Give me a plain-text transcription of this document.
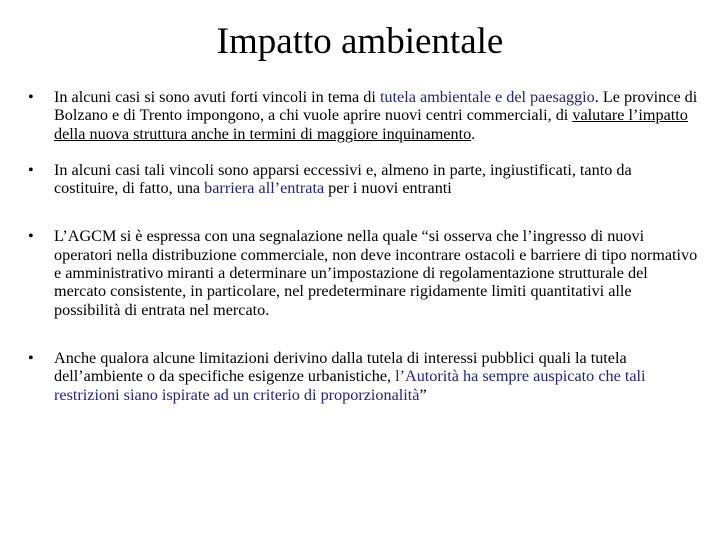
Impatto ambientale
•	In alcuni casi si sono avuti forti vincoli in tema di tutela ambientale e del paesaggio. Le province di Bolzano e di Trento impongono, a chi vuole aprire nuovi centri commerciali, di valutare l’impatto della nuova struttura anche in termini di maggiore inquinamento.
•	In alcuni casi tali vincoli sono apparsi eccessivi e, almeno in parte, ingiustificati, tanto da costituire, di fatto, una barriera all’entrata per i nuovi entranti
•	L’AGCM si è espressa con una segnalazione nella quale “si osserva che l’ingresso di nuovi operatori nella distribuzione commerciale, non deve incontrare ostacoli e barriere di tipo normativo e amministrativo miranti a determinare un’impostazione di regolamentazione strutturale del mercato consistente, in particolare, nel predeterminare rigidamente limiti quantitativi alle possibilità di entrata nel mercato.
•	Anche qualora alcune limitazioni derivino dalla tutela di interessi pubblici quali la tutela dell’ambiente o da specifiche esigenze urbanistiche, l’Autorità ha sempre auspicato che tali restrizioni siano ispirate ad un criterio di proporzionalità”
